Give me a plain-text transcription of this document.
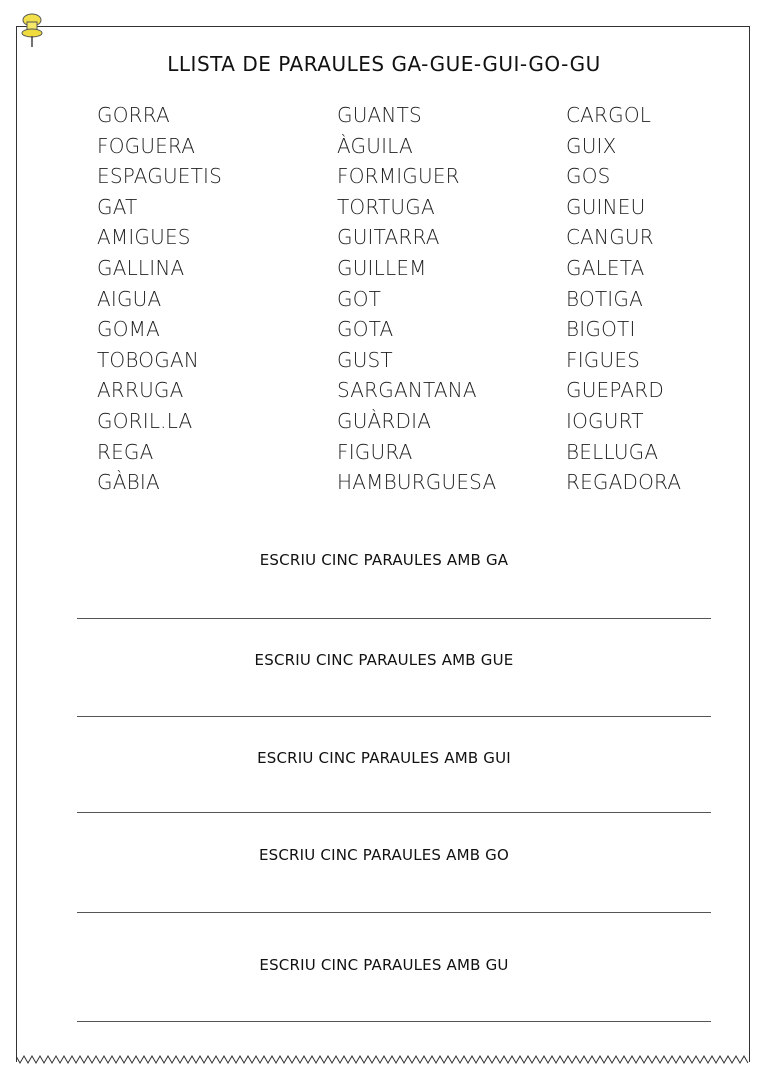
LLISTA DE PARAULES GA-GUE-GUI-GO-GU
GORRA
FOGUERA
ESPAGUETIS
GAT
AMIGUES
GALLINA
AIGUA
GOMA
TOBOGAN
ARRUGA
GORIL.LA
REGA
GÀBIA
GUANTS
ÀGUILA
FORMIGUER
TORTUGA
GUITARRA
GUILLEM
GOT
GOTA
GUST
SARGANTANA
GUÀRDIA
FIGURA
HAMBURGUESA
CARGOL
GUIX
GOS
GUINEU
CANGUR
GALETA
BOTIGA
BIGOTI
FIGUES
GUEPARD
IOGURT
BELLUGA
REGADORA
ESCRIU CINC PARAULES AMB GA
ESCRIU CINC PARAULES AMB GUE
ESCRIU CINC PARAULES AMB GUI
ESCRIU CINC PARAULES AMB GO
ESCRIU CINC PARAULES AMB GU
